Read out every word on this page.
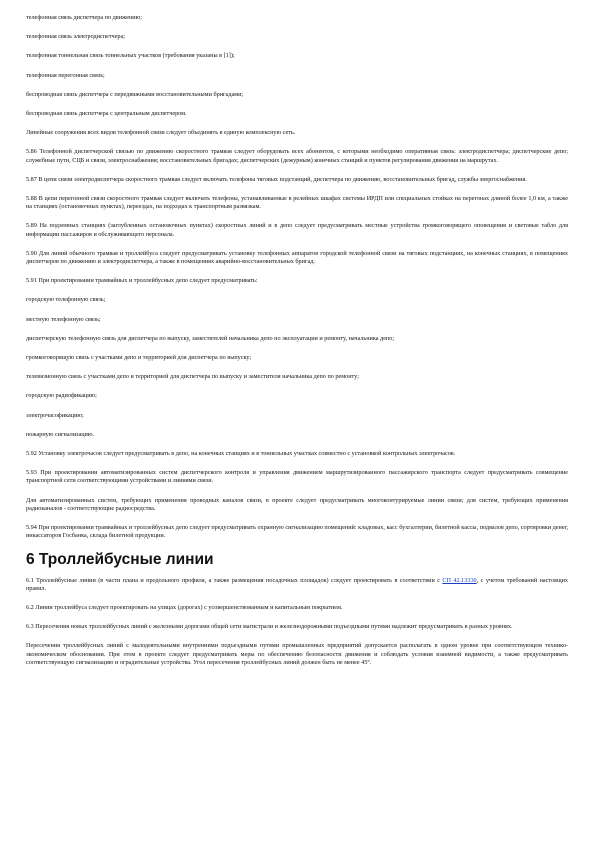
телефонная связь диспетчера по движению;

телефонная связь электродиспетчера;

телефонная тоннельная связь тоннельных участков (требования указаны в [1]);

телефонная перегонная связь;

беспроводная связь диспетчера с передвижными восстановительными бригадами;

беспроводная связь диспетчера с центральным диспетчером.

Линейные сооружения всех видов телефонной связи следует объединять в единую комплексную сеть.

5.86 Телефонной диспетчерской связью по движению скоростного трамвая следует оборудовать всех абонентов, с которыми необходимо оперативная связь: электродиспетчера; диспетчерские депо; служебные пути, СЦБ и связи, электроснабжения; восстановительных бригадах; диспетчерских (дежурным) конечных станций и пунктов регулирования движения на маршрутах.

5.87 В цепи связи электродиспетчера скоростного трамвая следует включать телефоны тяговых подстанций, диспетчера по движению, восстановительных бригад, службы энергоснабжения.

5.88 В цепи перегонной связи скоростного трамвая следует включать телефоны, устанавливаемые в релейных шкафах системы ИРДП или специальных стойках на перегонах длиной более 1,0 км, а также на станциях (остановочных пунктах), переездах, на подходах к транспортным развязкам.

5.89 На подземных станциях (заглубленных остановочных пунктах) скоростных линий и в депо следует предусматривать местные устройства громкоговорящего оповещения и световые табло для информации пассажиров и обслуживающего персонала.

5.90 Для линий обычного трамвая и троллейбуса следует предусматривать установку телефонных аппаратов городской телефонной связи на тяговых подстанциях, на конечных станциях, в помещениях диспетчеров по движению и электродиспетчера, а также в помещениях аварийно-восстановительных бригад.

5.91 При проектировании трамвайных и троллейбусных депо следует предусматривать:

городскую телефонную связь;

местную телефонную связь;

диспетчерскую телефонную связь для диспетчера по выпуску, заместителей начальника депо по эксплуатации и ремонту, начальника депо;

громкоговорящую связь с участками депо и территорией для диспетчера по выпуску;

телевизионную связь с участками депо и территорией для диспетчера по выпуску и заместителя начальника депо по ремонту;

городскую радиофикацию;

электрочасофикацию;

пожарную сигнализацию.

5.92 Установку электрочасов следует предусматривать в депо, на конечных станциях и в тоннельных участках совместно с установкой контрольных электрочасов.

5.93 При проектировании автоматизированных систем диспетчерского контроля и управления движением маршрутизированного пассажирского транспорта следует предусматривать совмещение транспортной сети соответствующими устройствами и линиями связи.

Для автоматизированных систем, требующих применения проводных каналов связи, в проекте следует предусматривать многоконтурируемые линии связи; для систем, требующих применения радиоканалов - соответствующие радиосредства.

5.94 При проектировании трамвайных и троллейбусных депо следует предусматривать охранную сигнализацию помещений: кладовых, касс бухгалтерии, билетной кассы, подвалов депо, сортировки денег, инкассаторов Госбанка, склада билетной продукции.

6 Троллейбусные линии

6.1 Троллейбусные линии (в части плана и продольного профиля, а также размещения посадочных площадок) следует проектировать в соответствии с СП 42.13330, с учетом требований настоящих правил.

6.2 Линии троллейбуса следует проектировать на улицах (дорогах) с усовершенствованным и капитальным покрытием.

6.3 Пересечения новых троллейбусных линий с железными дорогами общей сети магистрали и железнодорожными подъездными путями надлежит предусматривать в разных уровнях.

Пересечения троллейбусных линий с малодеятельными внутренними подъездными путями промышленных предприятий допускается располагать в одном уровне при соответствующем технико-экономическом обосновании. При этом в проекте следует предусматривать меры по обеспечению безопасности движения и соблюдать условия взаимной видимости, а также предусматривать соответствующую сигнализацию и оградительные устройства. Угол пересечения троллейбусных линий должен быть не менее 45°.
